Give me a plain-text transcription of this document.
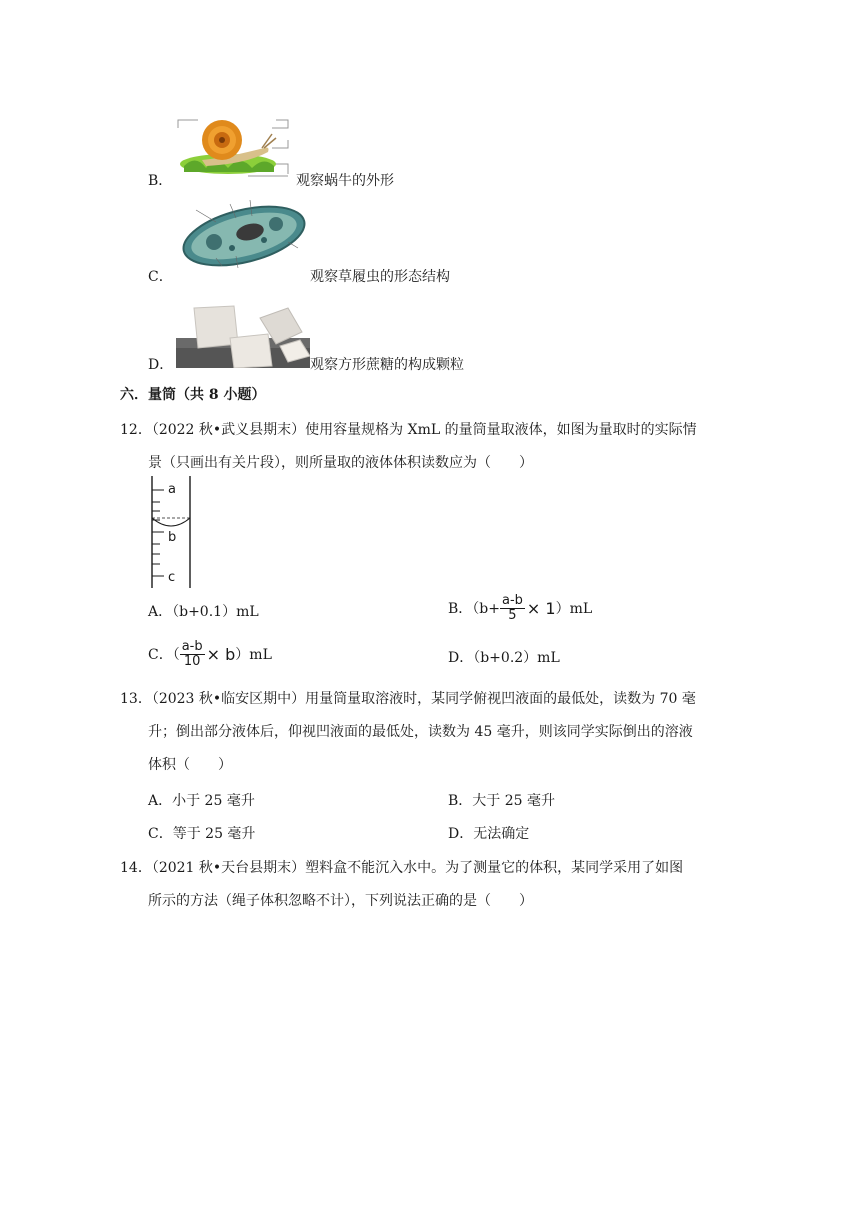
B．	观察蜗牛的外形
C．	观察草履虫的形态结构
D．	观察方形蔗糖的构成颗粒
六．量筒（共 8 小题）
12．（2022 秋•武义县期末）使用容量规格为 XmL 的量筒量取液体，如图为量取时的实际情
景（只画出有关片段），则所量取的液体体积读数应为（　　）
a
b
c
A．（b+0.1）mL	B．（$b+ \frac{a-b}{5} \times 1$ ）mL
C．（ $\frac{a-b}{10} \times b$ ）mL	D．（b+0.2）mL
13．（2023 秋•临安区期中）用量筒量取溶液时，某同学俯视凹液面的最低处，读数为 70 毫
升；倒出部分液体后，仰视凹液面的最低处，读数为 45 毫升，则该同学实际倒出的溶液
体积（　　）
A．小于 25 毫升	B．大于 25 毫升
C．等于 25 毫升	D．无法确定
14．（2021 秋•天台县期末）塑料盒不能沉入水中。为了测量它的体积，某同学采用了如图
所示的方法（绳子体积忽略不计），下列说法正确的是（　　）
